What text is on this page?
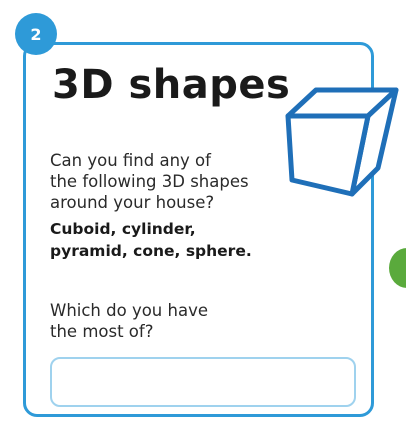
2
3D shapes

Can you find any of
the following 3D shapes
around your house?

Cuboid, cylinder,
pyramid, cone, sphere.

Which do you have
the most of?
